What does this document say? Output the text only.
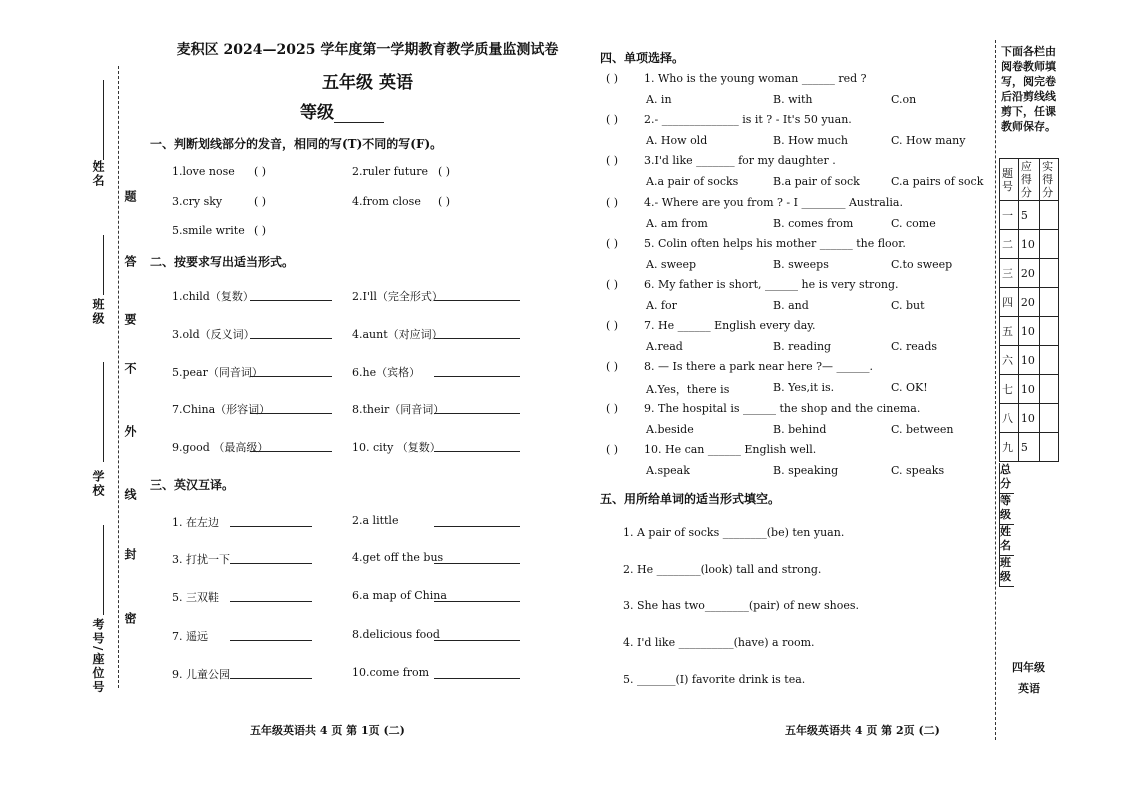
姓名
班级
学校
考号/座位号
题
答
要
不
外
线
封
密
麦积区 2024—2025 学年度第一学期教育教学质量监测试卷
五年级 英语
等级
一、判断划线部分的发音，相同的写(T)不同的写(F)。
1.love nose ( )	2.ruler future ( )
3.cry sky	( )	4.from close ( )
5.smile write ( )
二、按要求写出适当形式。
1.child（复数）	2.I'll（完全形式）
3.old（反义词）	4.aunt（对应词）
5.pear（同音词）	6.he（宾格）
7.China（形容词）	8.their（同音词）
9.good （最高级）	10. city （复数）
三、英汉互译。
1. 在左边	2.a little
3. 打扰一下	4.get off the bus
5. 三双鞋	6.a map of China
7. 遥远	8.delicious food
9. 儿童公园	10.come from
五年级英语共 4 页 第 1页 (二)
四、单项选择。
( ) 1. Who is the young woman ______ red ?
A. in	B. with	C.on
( ) 2.- ______________ is it ? - It's 50 yuan.
A. How old	B. How much	C. How many
( ) 3.I'd like _______ for my daughter .
A.a pair of socks	B.a pair of sock	C.a pairs of sock
( ) 4.- Where are you from ? - I ________ Australia.
A. am from	B. comes from	C. come
( ) 5. Colin often helps his mother ______ the floor.
A. sweep	B. sweeps	C.to sweep
( ) 6. My father is short, ______ he is very strong.
A. for	B. and	C. but
( ) 7. He ______ English every day.
A.read	B. reading	C. reads
( ) 8. — Is there a park near here ?— ______.
A.Yes，there is	B. Yes,it is.	C. OK!
( ) 9. The hospital is ______ the shop and the cinema.
A.beside	B. behind	C. between
( ) 10. He can ______ English well.
A.speak	B. speaking	C. speaks
五、用所给单词的适当形式填空。
1. A pair of socks ________(be) ten yuan.
2. He ________(look) tall and strong.
3. She has two________(pair) of new shoes.
4. I'd like __________(have) a room.
5. _______(I) favorite drink is tea.
五年级英语共 4 页 第 2页 (二)
下面各栏由阅卷教师填写，阅完卷后沿剪线线剪下，任课教师保存。
题号	应得分	实得分
一	5	
二	10	
三	20	
四	20	
五	10	
六	10	
七	10	
八	10	
九	5	
总分
等级
姓名
班级
四年级
英语
